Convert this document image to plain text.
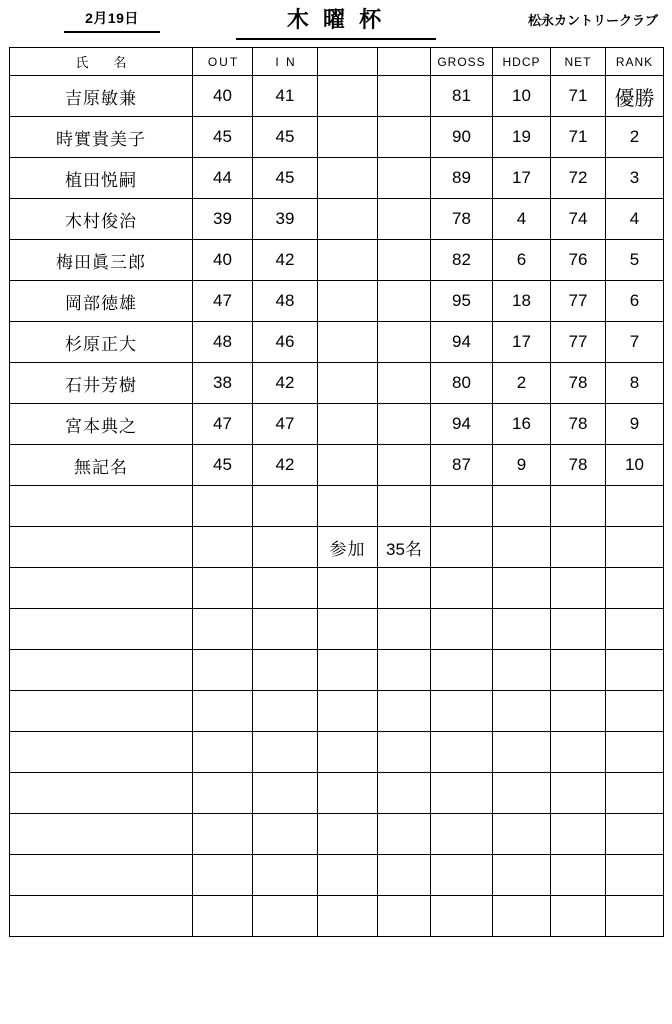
2月19日	木 曜 杯	松永カントリークラブ
氏　名	OUT	I N			GROSS	HDCP	NET	RANK
吉原敏兼	40	41			81	10	71	優勝
時實貴美子	45	45			90	19	71	2
植田悦嗣	44	45			89	17	72	3
木村俊治	39	39			78	4	74	4
梅田眞三郎	40	42			82	6	76	5
岡部徳雄	47	48			95	18	77	6
杉原正大	48	46			94	17	77	7
石井芳樹	38	42			80	2	78	8
宮本典之	47	47			94	16	78	9
無記名	45	42			87	9	78	10

			参加	35名				
